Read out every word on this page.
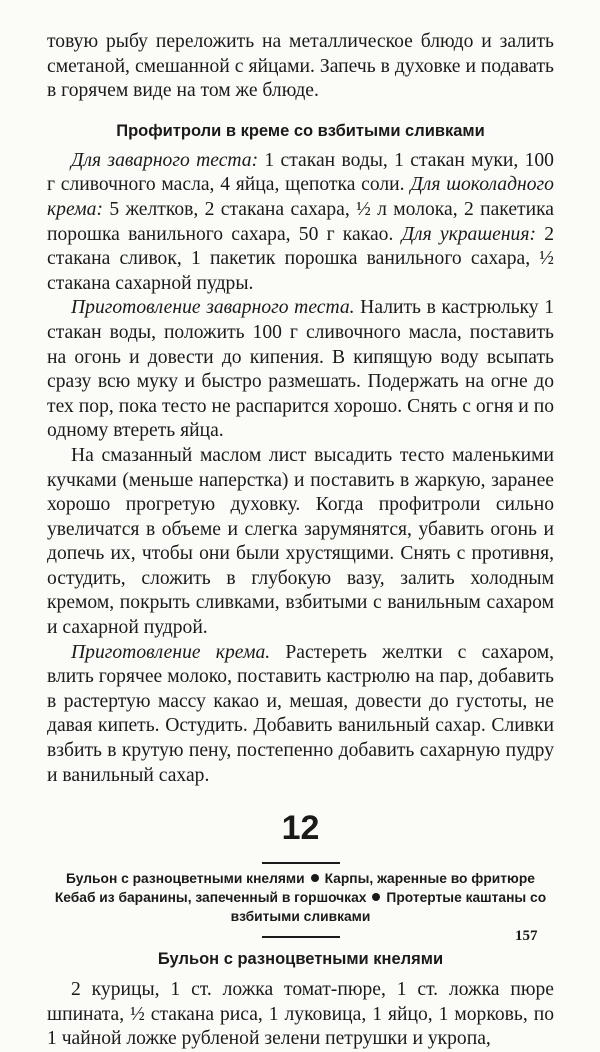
товую рыбу переложить на металлическое блюдо и залить сметаной, смешанной с яйцами. Запечь в духовке и подавать в горячем виде на том же блюде.

Профитроли в креме со взбитыми сливками

Для заварного теста: 1 стакан воды, 1 стакан муки, 100 г сливочного масла, 4 яйца, щепотка соли. Для шоколадного крема: 5 желтков, 2 стакана сахара, ½ л молока, 2 пакетика порошка ванильного сахара, 50 г какао. Для украшения: 2 стакана сливок, 1 пакетик порошка ванильного сахара, ½ стакана сахарной пудры.

Приготовление заварного теста. Налить в кастрюльку 1 стакан воды, положить 100 г сливочного масла, поставить на огонь и довести до кипения. В кипящую воду всыпать сразу всю муку и быстро размешать. Подержать на огне до тех пор, пока тесто не распарится хорошо. Снять с огня и по одному втереть яйца.

На смазанный маслом лист высадить тесто маленькими кучками (меньше наперстка) и поставить в жаркую, заранее хорошо прогретую духовку. Когда профитроли сильно увеличатся в объеме и слегка зарумянятся, убавить огонь и допечь их, чтобы они были хрустящими. Снять с противня, остудить, сложить в глубокую вазу, залить холодным кремом, покрыть сливками, взбитыми с ванильным сахаром и сахарной пудрой.

Приготовление крема. Растереть желтки с сахаром, влить горячее молоко, поставить кастрюлю на пар, добавить в растертую массу какао и, мешая, довести до густоты, не давая кипеть. Остудить. Добавить ванильный сахар. Сливки взбить в крутую пену, постепенно добавить сахарную пудру и ванильный сахар.

12
Бульон с разноцветными кнелями Карпы, жаренные во фритюре
Кебаб из баранины, запеченный в горшочках Протертые каштаны со взбитыми сливками
Бульон с разноцветными кнелями

2 курицы, 1 ст. ложка томат-пюре, 1 ст. ложка пюре шпината, ½ стакана риса, 1 луковица, 1 яйцо, 1 морковь, по 1 чайной ложке рубленой зелени петрушки и укропа,

157
